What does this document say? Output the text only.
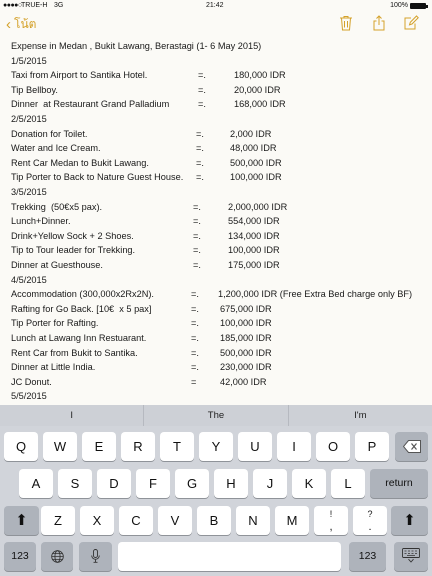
●●●●○ TRUE-H 3G	21:42	100%
‹ โน้ต
Expense in Medan , Bukit Lawang, Berastagi (1- 6 May 2015)
1/5/2015
Taxi from Airport to Santika Hotel.	=.	180,000 IDR
Tip Bellboy.	=.	20,000 IDR
Dinner  at Restaurant Grand Palladium	=.	168,000 IDR
2/5/2015
Donation for Toilet.	=.	2,000 IDR
Water and Ice Cream.	=.	48,000 IDR
Rent Car Medan to Bukit Lawang.	=.	500,000 IDR
Tip Porter to Back to Nature Guest House. =.	100,000 IDR
3/5/2015
Trekking  (50€x5 pax).	=.	2,000,000 IDR
Lunch+Dinner.	=.	554,000 IDR
Drink+Yellow Sock + 2 Shoes.	=.	134,000 IDR
Tip to Tour leader for Trekking.	=.	100,000 IDR
Dinner at Guesthouse.	=.	175,000 IDR
4/5/2015
Accommodation (300,000x2Rx2N).	=. 1,200,000 IDR (Free Extra Bed charge only BF)
Rafting for Go Back. [10€  x 5 pax]	=. 675,000 IDR
Tip Porter for Rafting.	=. 100,000 IDR
Lunch at Lawang Inn Restuarant.	=. 185,000 IDR
Rent Car from Bukit to Santika.	=. 500,000 IDR
Dinner at Little India.	=. 230,000 IDR
JC Donut.	=	42,000 IDR
5/5/2015
I	The	I'm
return
⬆	⬆
123	123
Q	W	E	R	T	Y	U	I	O	P
A	S	D	F	G	H	J	K	L
Z	X	C	V	B	N	M	!
,
?
.
